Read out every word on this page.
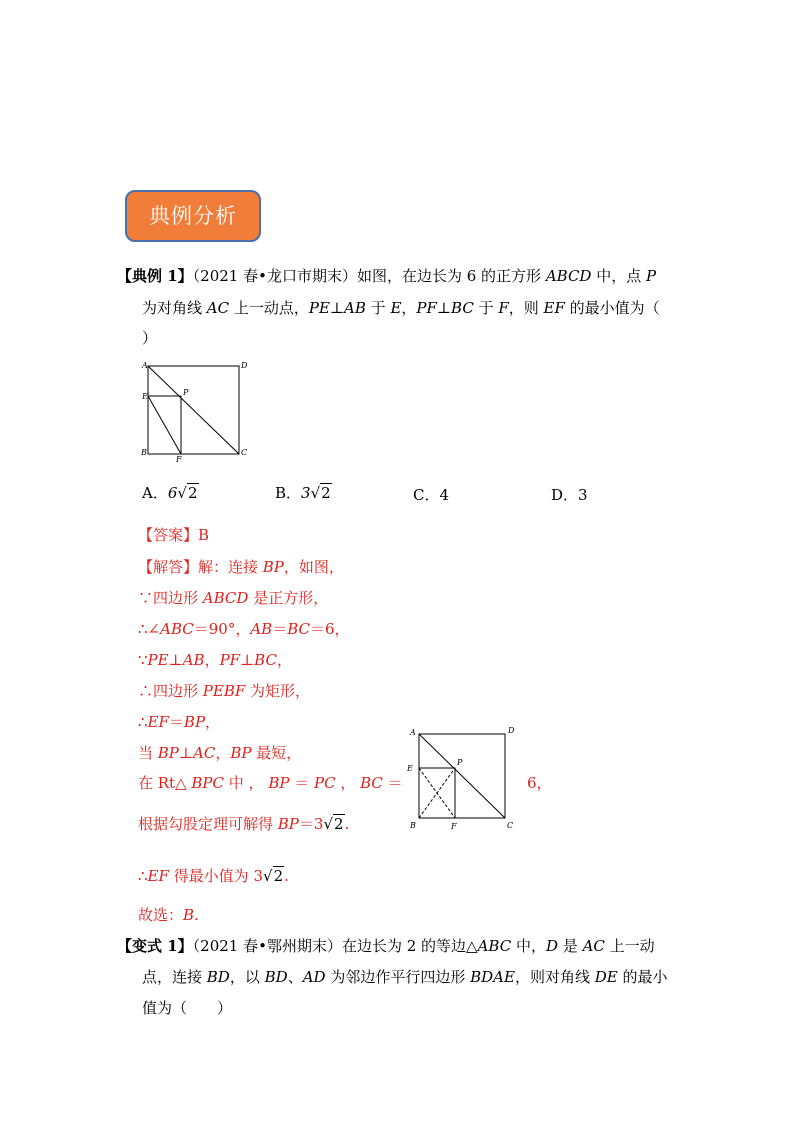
典例分析
【典例 1】（2021 春•龙口市期末）如图，在边长为 6 的正方形 ABCD 中，点 P
为对角线 AC 上一动点，PE⊥AB 于 E，PF⊥BC 于 F，则 EF 的最小值为（
）
A	D
E	P
B
F
C
A．6√2	B．3√2	C．4	D．3
【答案】B
【解答】解：连接 BP，如图，
∵四边形 ABCD 是正方形，
∴∠ABC＝90°，AB＝BC＝6，
∵PE⊥AB，PF⊥BC，
∴四边形 PEBF 为矩形，
∴EF＝BP，
当 BP⊥AC，BP 最短，
在 Rt△ BPC 中 ， BP ＝ PC ， BC ＝	6，
根据勾股定理可解得 BP＝3√2.
A	D
E
P
B	F	C
∴EF 得最小值为 3√2.
故选：B.
【变式 1】（2021 春•鄂州期末）在边长为 2 的等边△ABC 中，D 是 AC 上一动
点，连接 BD，以 BD、AD 为邻边作平行四边形 BDAE，则对角线 DE 的最小
值为（　　）
